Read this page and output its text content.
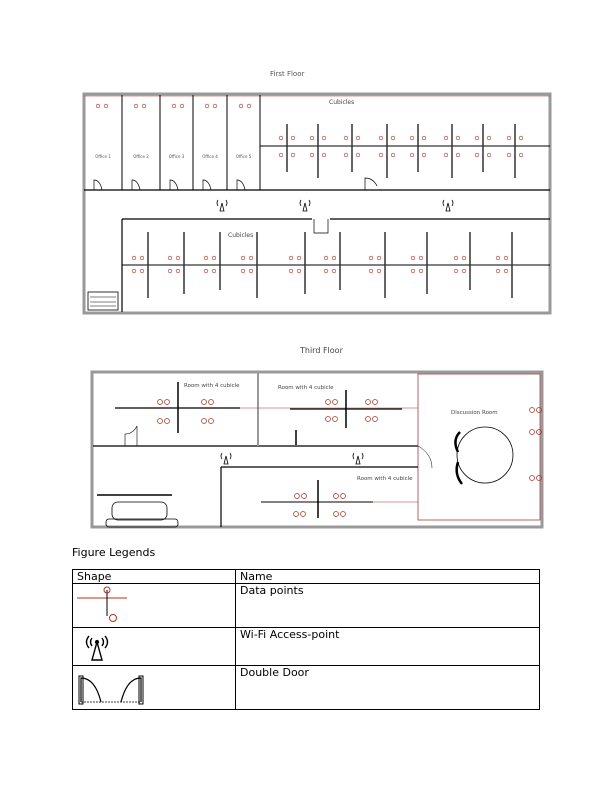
First Floor
Cubicles
Cubicles
Office 1	Office 2	Office 3	Office 4	Office 5
Room with 4 cubicle	Room with 4 cubicle
Room with 4 cubicle
Discussion Room
Third Floor
Figure Legends
Shape	Name
	Data points
	Wi-Fi Access-point
	Double Door
